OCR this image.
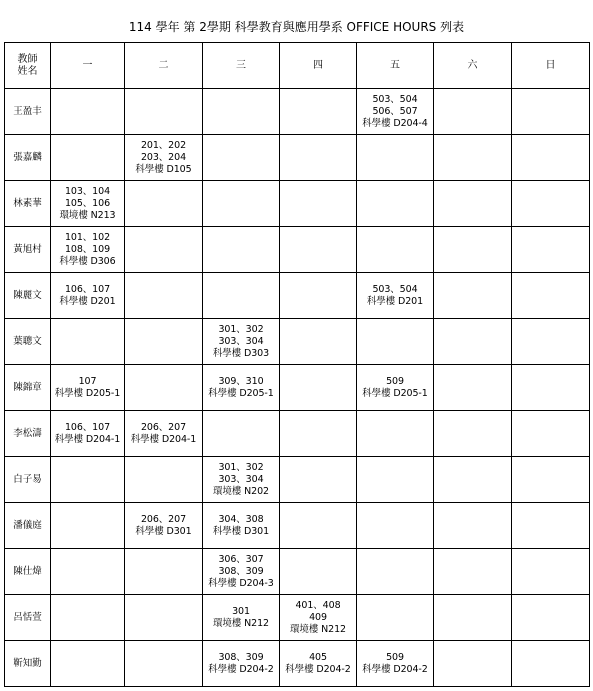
114 學年 第 2學期 科學教育與應用學系 OFFICE HOURS 列表
教師
姓名	一	二	三	四	五	六	日
王盈丰					503、504
506、507
科學樓 D204-4		

張嘉麟		201、202
203、204
科學樓 D105					

林素華	103、104
105、106
環境樓 N213						

黃旭村	101、102
108、109
科學樓 D306						

陳麗文	106、107
科學樓 D201				503、504
科學樓 D201		

葉聰文			301、302
303、304
科學樓 D303				

陳錦章	107
科學樓 D205-1		309、310
科學樓 D205-1		509
科學樓 D205-1		

李松濤	106、107
科學樓 D204-1	206、207
科學樓 D204-1					

白子易			301、302
303、304
環境樓 N202				

潘儀庭		206、207
科學樓 D301	304、308
科學樓 D301				

陳仕煒			306、307
308、309
科學樓 D204-3				

呂恬萱			301
環境樓 N212	401、408
409
環境樓 N212			

靳知勤			308、309
科學樓 D204-2	405
科學樓 D204-2	509
科學樓 D204-2		
